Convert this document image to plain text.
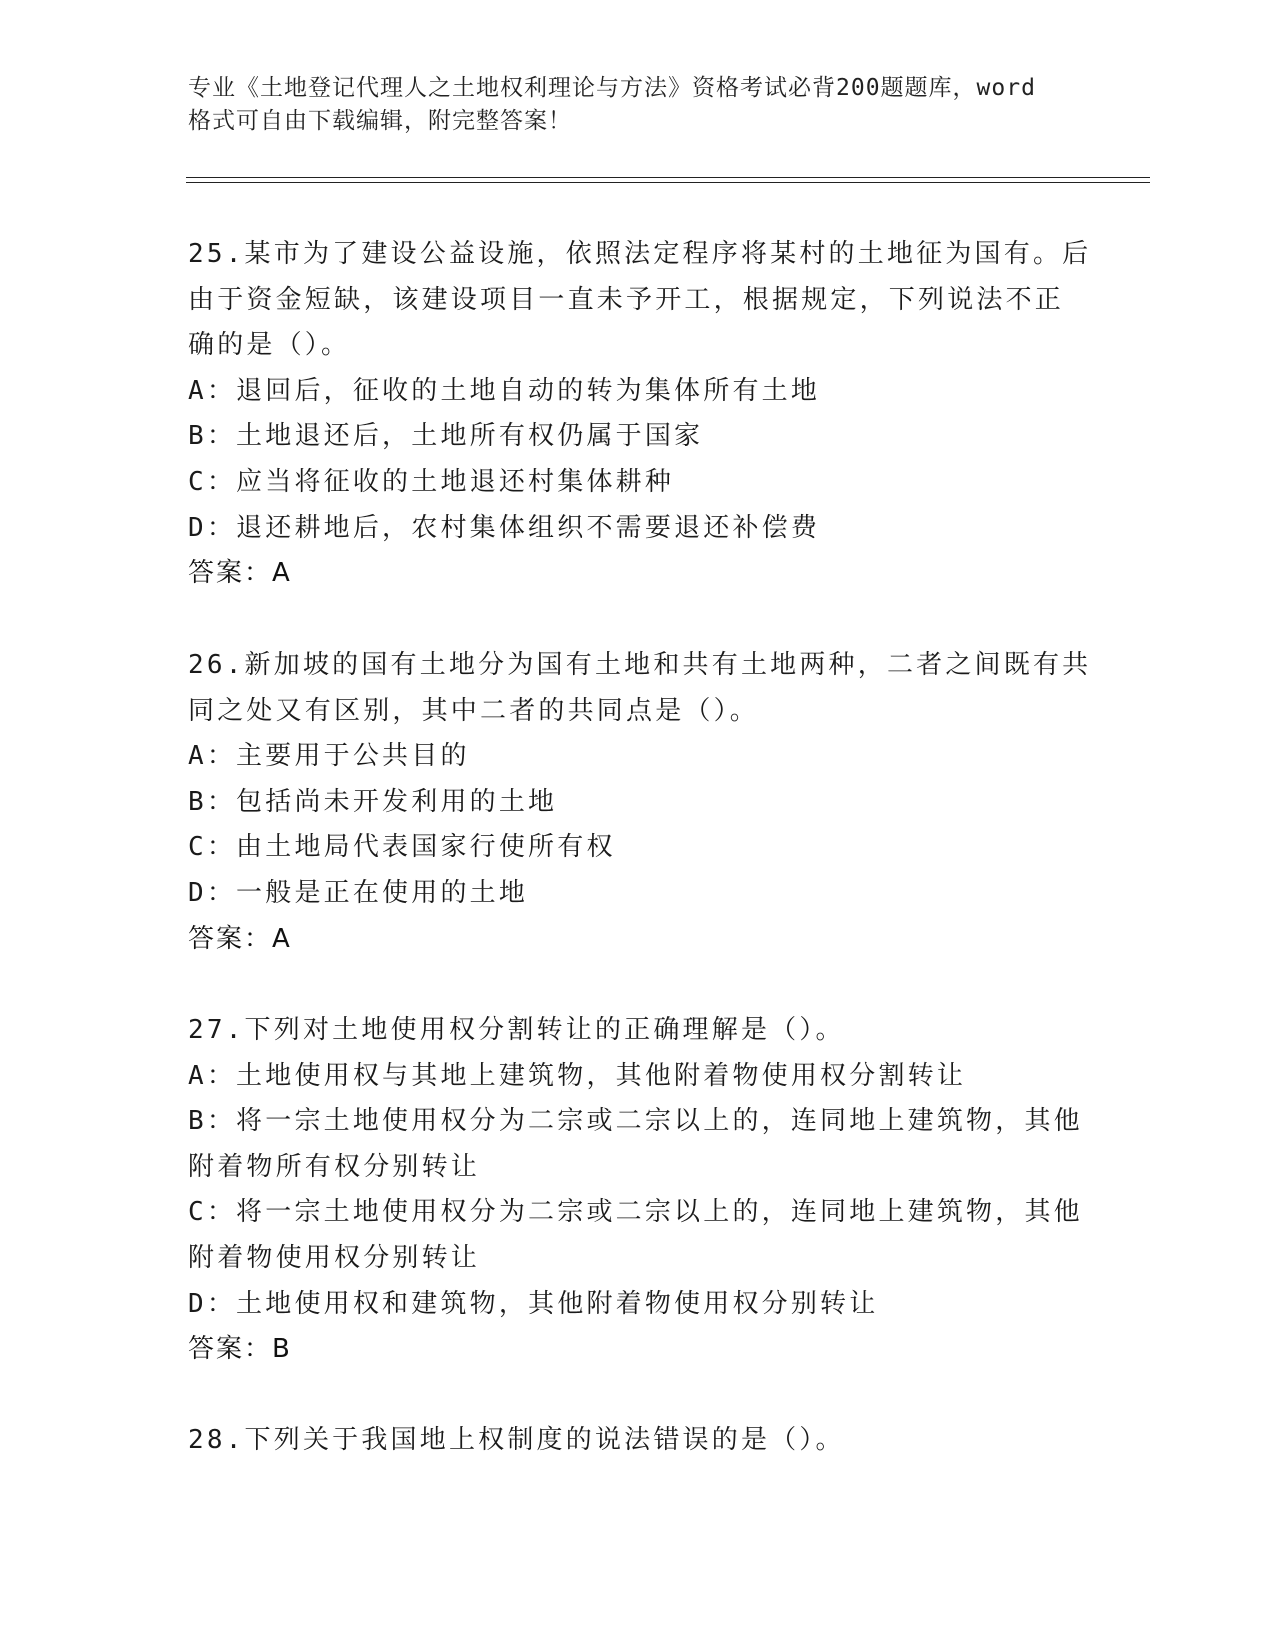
专业《土地登记代理人之土地权利理论与方法》资格考试必背200题题库，word
格式可自由下载编辑，附完整答案！
25.某市为了建设公益设施，依照法定程序将某村的土地征为国有。后
由于资金短缺，该建设项目一直未予开工，根据规定，下列说法不正
确的是（）。
A：退回后，征收的土地自动的转为集体所有土地
B：土地退还后，土地所有权仍属于国家
C：应当将征收的土地退还村集体耕种
D：退还耕地后，农村集体组织不需要退还补偿费
答案：A
26.新加坡的国有土地分为国有土地和共有土地两种，二者之间既有共
同之处又有区别，其中二者的共同点是（）。
A：主要用于公共目的
B：包括尚未开发利用的土地
C：由土地局代表国家行使所有权
D：一般是正在使用的土地
答案：A
27.下列对土地使用权分割转让的正确理解是（）。
A：土地使用权与其地上建筑物，其他附着物使用权分割转让
B：将一宗土地使用权分为二宗或二宗以上的，连同地上建筑物，其他
附着物所有权分别转让
C：将一宗土地使用权分为二宗或二宗以上的，连同地上建筑物，其他
附着物使用权分别转让
D：土地使用权和建筑物，其他附着物使用权分别转让
答案：B
28.下列关于我国地上权制度的说法错误的是（）。
